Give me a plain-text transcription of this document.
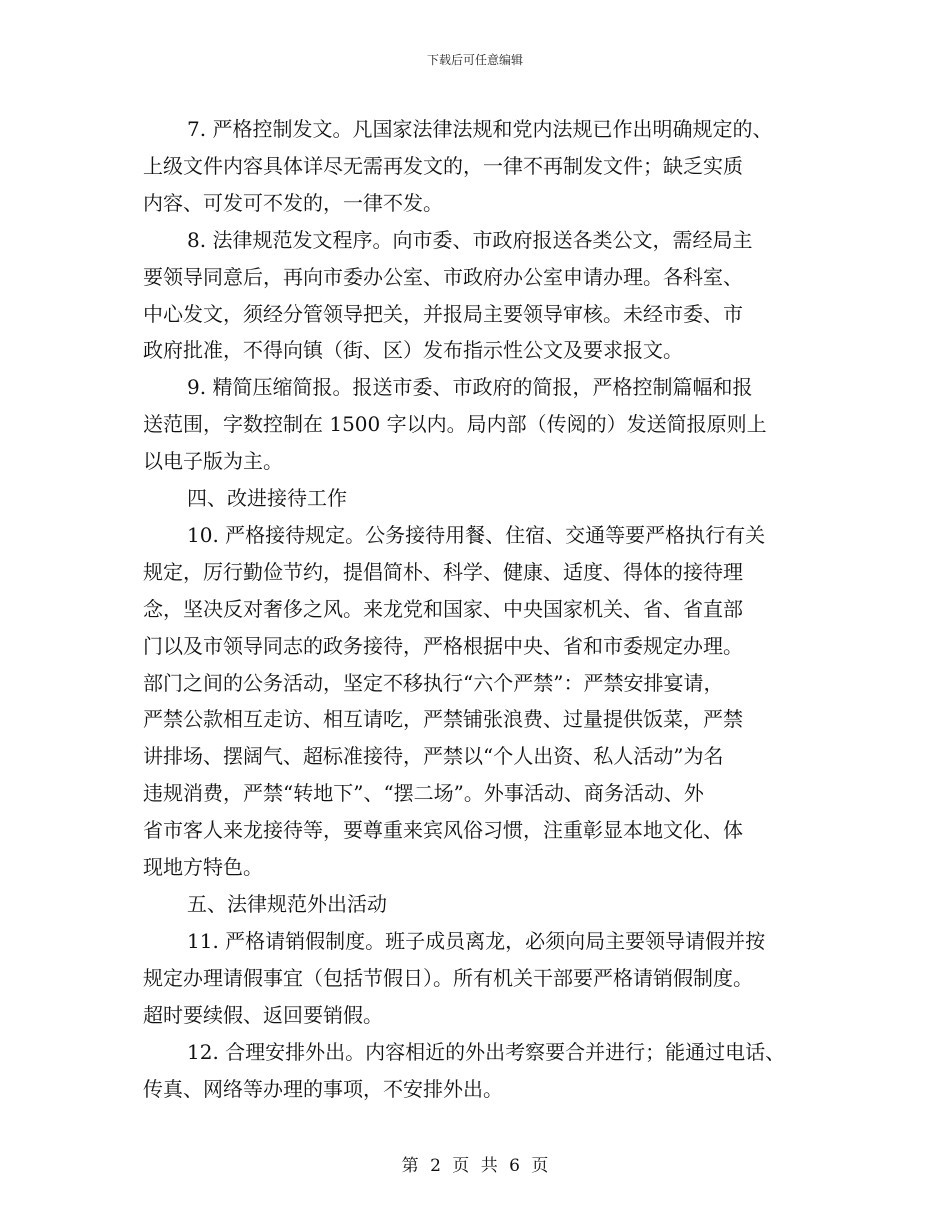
下载后可任意编辑
7. 严格控制发文。凡国家法律法规和党内法规已作出明确规定的、
上级文件内容具体详尽无需再发文的，一律不再制发文件；缺乏实质
内容、可发可不发的，一律不发。
8. 法律规范发文程序。向市委、市政府报送各类公文，需经局主
要领导同意后，再向市委办公室、市政府办公室申请办理。各科室、
中心发文，须经分管领导把关，并报局主要领导审核。未经市委、市
政府批准，不得向镇（街、区）发布指示性公文及要求报文。
9. 精简压缩简报。报送市委、市政府的简报，严格控制篇幅和报
送范围，字数控制在 1500 字以内。局内部（传阅的）发送简报原则上
以电子版为主。
四、改进接待工作
10. 严格接待规定。公务接待用餐、住宿、交通等要严格执行有关
规定，厉行勤俭节约，提倡简朴、科学、健康、适度、得体的接待理
念，坚决反对奢侈之风。来龙党和国家、中央国家机关、省、省直部
门以及市领导同志的政务接待，严格根据中央、省和市委规定办理。
部门之间的公务活动，坚定不移执行“六个严禁”：严禁安排宴请，
严禁公款相互走访、相互请吃，严禁铺张浪费、过量提供饭菜，严禁
讲排场、摆阔气、超标准接待，严禁以“个人出资、私人活动”为名
违规消费，严禁“转地下”、“摆二场”。外事活动、商务活动、外
省市客人来龙接待等，要尊重来宾风俗习惯，注重彰显本地文化、体
现地方特色。
五、法律规范外出活动
11. 严格请销假制度。班子成员离龙，必须向局主要领导请假并按
规定办理请假事宜（包括节假日）。所有机关干部要严格请销假制度。
超时要续假、返回要销假。
12. 合理安排外出。内容相近的外出考察要合并进行；能通过电话、
传真、网络等办理的事项，不安排外出。
第 2 页 共 6 页
